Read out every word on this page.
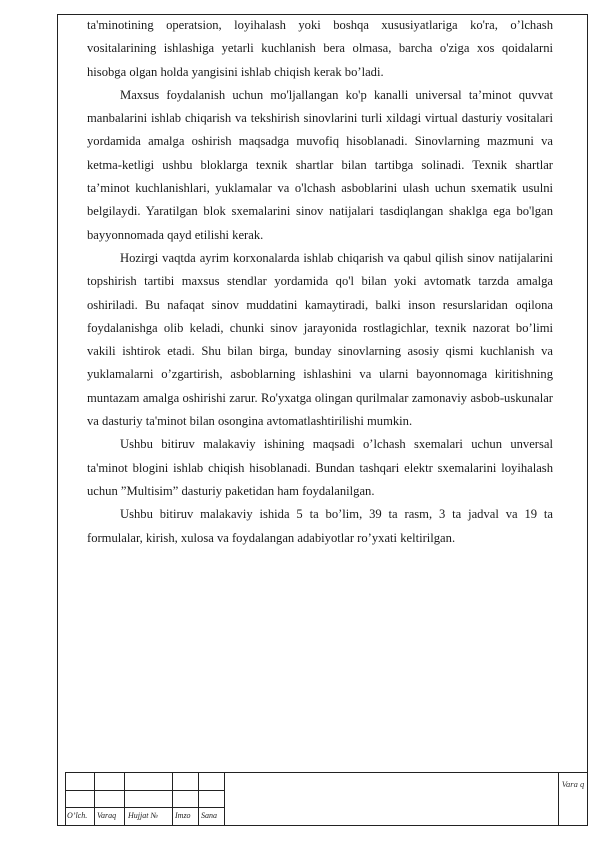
ta'minotining operatsion, loyihalash yoki boshqa xususiyatlariga ko'ra, o’lchash vositalarining ishlashiga yetarli kuchlanish bera olmasa, barcha o'ziga xos qoidalarni hisobga olgan holda yangisini ishlab chiqish kerak bo’ladi.

Maxsus foydalanish uchun mo'ljallangan ko'p kanalli universal ta’minot quvvat manbalarini ishlab chiqarish va tekshirish sinovlarini turli xildagi virtual dasturiy vositalari yordamida amalga oshirish maqsadga muvofiq hisoblanadi. Sinovlarning mazmuni va ketma-ketligi ushbu bloklarga texnik shartlar bilan tartibga solinadi. Texnik shartlar ta’minot kuchlanishlari, yuklamalar va o'lchash asboblarini ulash uchun sxematik usulni belgilaydi. Yaratilgan blok sxemalarini sinov natijalari tasdiqlangan shaklga ega bo'lgan bayyonnomada qayd etilishi kerak.

Hozirgi vaqtda ayrim korxonalarda ishlab chiqarish va qabul qilish sinov natijalarini topshirish tartibi maxsus stendlar yordamida qo'l bilan yoki avtomatk tarzda amalga oshiriladi. Bu nafaqat sinov muddatini kamaytiradi, balki inson resurslaridan oqilona foydalanishga olib keladi, chunki sinov jarayonida rostlagichlar, texnik nazorat bo’limi vakili ishtirok etadi. Shu bilan birga, bunday sinovlarning asosiy qismi kuchlanish va yuklamalarni o’zgartirish, asboblarning ishlashini va ularni bayonnomaga kiritishning muntazam amalga oshirishi zarur. Ro'yxatga olingan qurilmalar zamonaviy asbob-uskunalar va dasturiy ta'minot bilan osongina avtomatlashtirilishi mumkin.

Ushbu bitiruv malakaviy ishining maqsadi o’lchash sxemalari uchun unversal ta'minot blogini ishlab chiqish hisoblanadi. Bundan tashqari elektr sxemalarini loyihalash uchun ”Multisim” dasturiy paketidan ham foydalanilgan.

Ushbu bitiruv malakaviy ishida 5 ta bo’lim, 39 ta rasm, 3 ta jadval va 19 ta formulalar, kirish, xulosa va foydalangan adabiyotlar ro’yxati keltirilgan.

O’lch. Varaq Hujjat № Imzo Sana
Vara q
